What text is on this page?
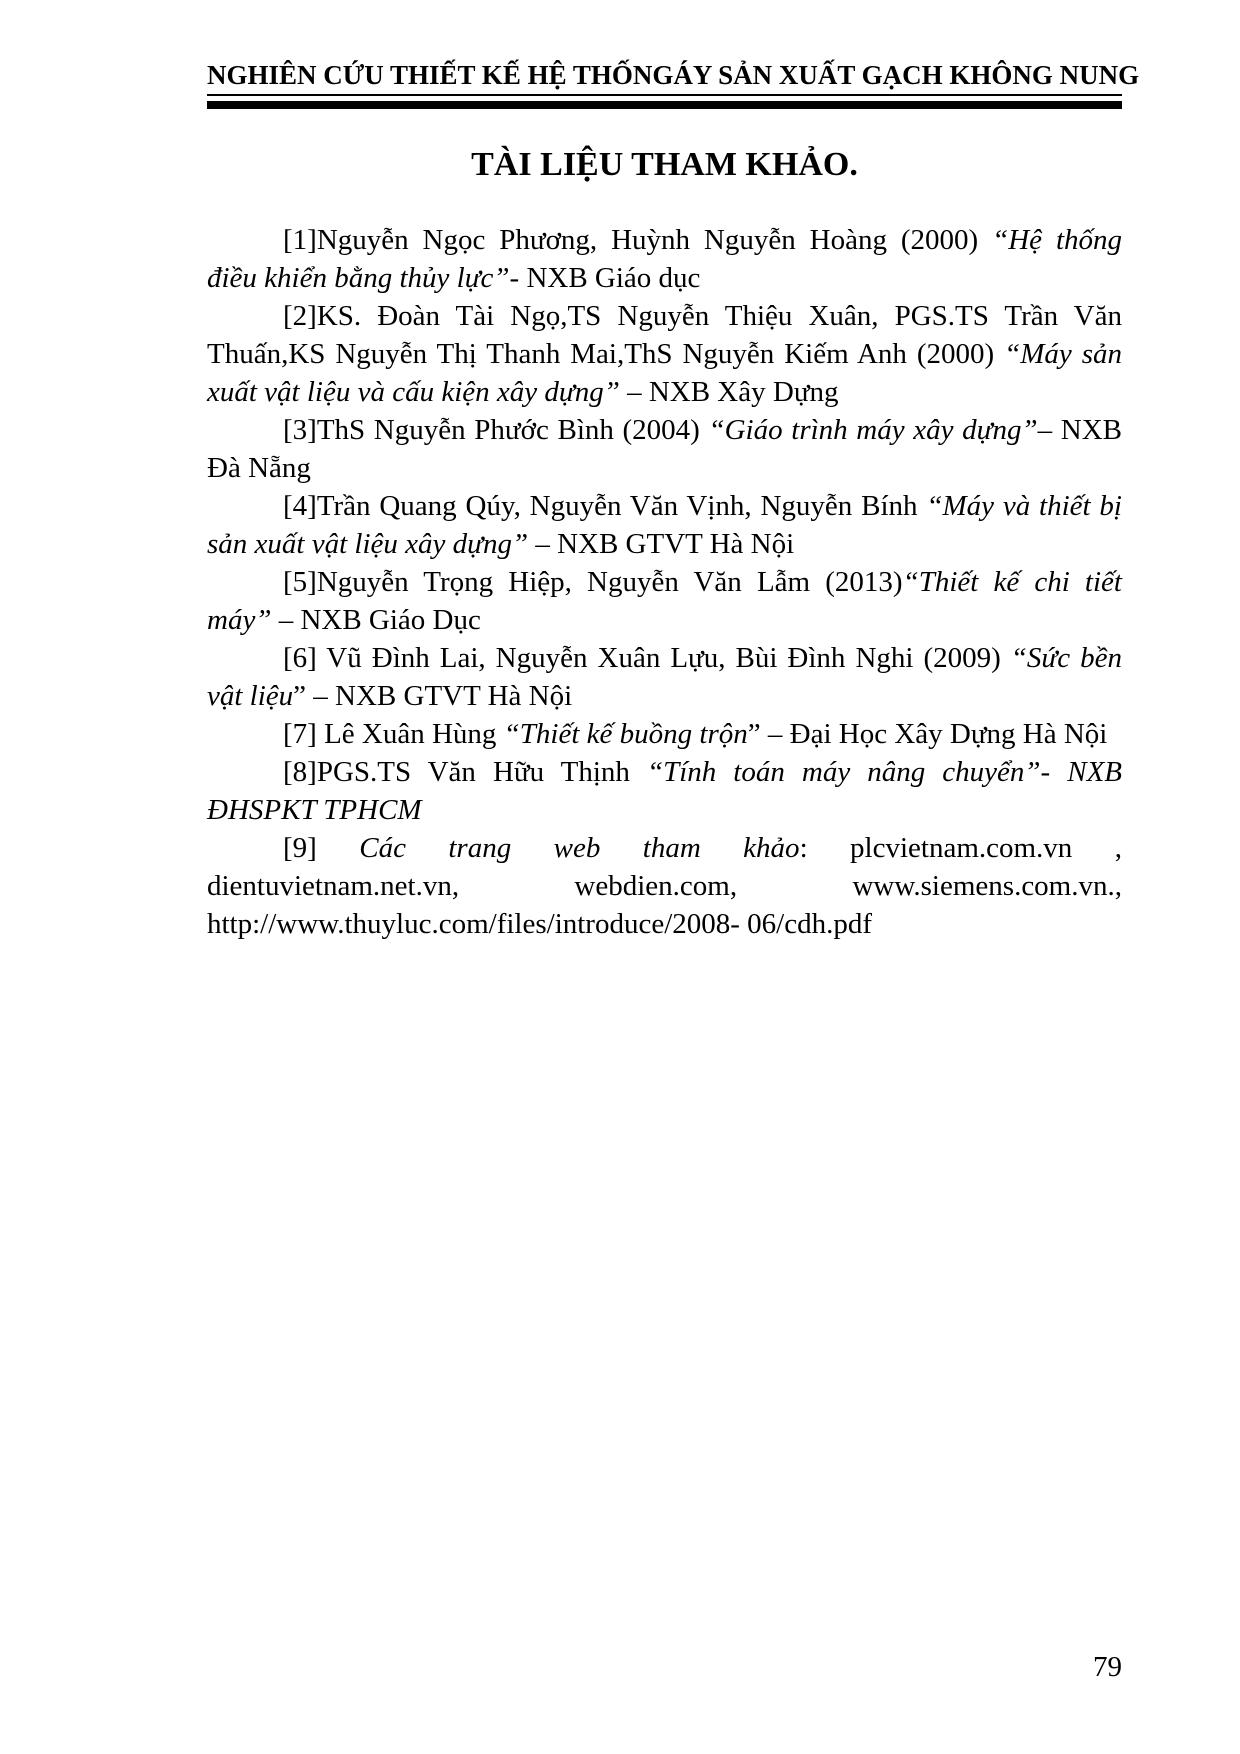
NGHIÊN CỨU THIẾT KẾ HỆ THỐNGÁY SẢN XUẤT GẠCH KHÔNG NUNG
TÀI LIỆU THAM KHẢO.

[1]Nguyễn Ngọc Phương, Huỳnh Nguyễn Hoàng (2000) “Hệ thống điều khiển bằng thủy lực”- NXB Giáo dục

[2]KS. Đoàn Tài Ngọ,TS Nguyễn Thiệu Xuân, PGS.TS Trần Văn Thuấn,KS Nguyễn Thị Thanh Mai,ThS Nguyễn Kiếm Anh (2000) “Máy sản xuất vật liệu và cấu kiện xây dựng” – NXB Xây Dựng

[3]ThS Nguyễn Phước Bình (2004) “Giáo trình máy xây dựng”– NXB Đà Nẵng

[4]Trần Quang Qúy, Nguyễn Văn Vịnh, Nguyễn Bính “Máy và thiết bị sản xuất vật liệu xây dựng” – NXB GTVT Hà Nội

[5]Nguyễn Trọng Hiệp, Nguyễn Văn Lẫm (2013)“Thiết kế chi tiết máy” – NXB Giáo Dục

[6] Vũ Đình Lai, Nguyễn Xuân Lựu, Bùi Đình Nghi (2009) “Sức bền vật liệu” – NXB GTVT Hà Nội

[7] Lê Xuân Hùng “Thiết kế buồng trộn” – Đại Học Xây Dựng Hà Nội

[8]PGS.TS Văn Hữu Thịnh “Tính toán máy nâng chuyển”- NXB ĐHSPKT TPHCM

[9] Các trang web tham khảo: plcvietnam.com.vn , dientuvietnam.net.vn, webdien.com, www.siemens.com.vn., http://www.thuyluc.com/files/introduce/2008- 06/cdh.pdf

79
